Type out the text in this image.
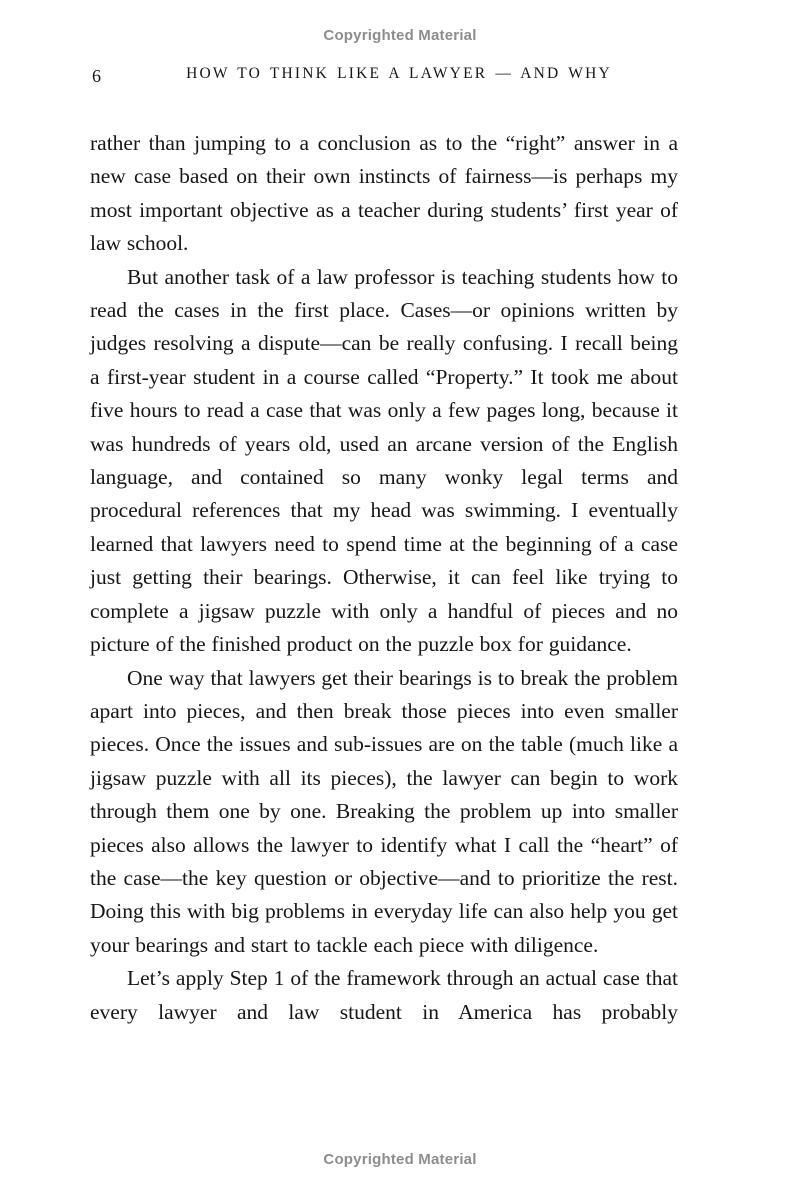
Copyrighted Material
6	HOW TO THINK LIKE A LAWYER — AND WHY

rather than jumping to a conclusion as to the “right” answer in a new case based on their own instincts of fairness—is perhaps my most important objective as a teacher during students’ first year of law school.

But another task of a law professor is teaching students how to read the cases in the first place. Cases—or opinions written by judges resolving a dispute—can be really confusing. I recall being a first-year student in a course called “Property.” It took me about five hours to read a case that was only a few pages long, because it was hundreds of years old, used an arcane version of the English language, and contained so many wonky legal terms and procedural references that my head was swimming. I eventually learned that lawyers need to spend time at the beginning of a case just getting their bearings. Otherwise, it can feel like trying to complete a jigsaw puzzle with only a handful of pieces and no picture of the finished product on the puzzle box for guidance.

One way that lawyers get their bearings is to break the problem apart into pieces, and then break those pieces into even smaller pieces. Once the issues and sub-issues are on the table (much like a jigsaw puzzle with all its pieces), the lawyer can begin to work through them one by one. Breaking the problem up into smaller pieces also allows the lawyer to identify what I call the “heart” of the case—the key question or objective—and to prioritize the rest. Doing this with big problems in everyday life can also help you get your bearings and start to tackle each piece with diligence.

Let’s apply Step 1 of the framework through an actual case that every lawyer and law student in America has probably

Copyrighted Material
